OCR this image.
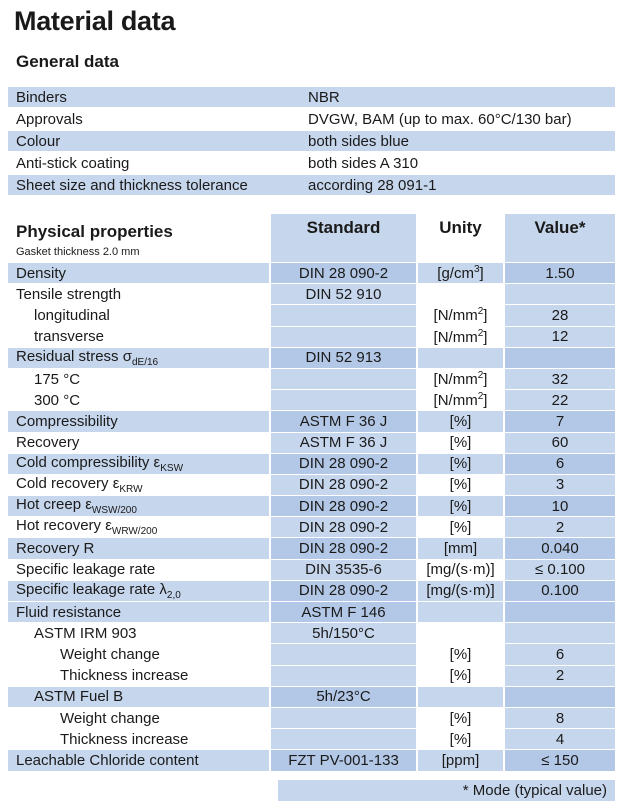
Material data
General data
Binders	NBR
Approvals	DVGW, BAM (up to max. 60°C/130 bar)
Colour	both sides blue
Anti-stick coating	both sides A 310
Sheet size and thickness tolerance	according 28 091-1
Physical properties
Gasket thickness 2.0 mm	Standard	Unity	Value*
Density	DIN 28 090-2	$[g/cm^3]$	1.50
Tensile strength	DIN 52 910		
longitudinal		$[N/mm^2]$	28
transverse		$[N/mm^2]$	12
Residual stress $\sigma_{dE/16}$	DIN 52 913		
175 °C		$[N/mm^2]$	32
300 °C		$[N/mm^2]$	22
Compressibility	ASTM F 36 J	[%]	7
Recovery	ASTM F 36 J	[%]	60
Cold compressibility $\varepsilon_{KSW}$	DIN 28 090-2	[%]	6
Cold recovery $\varepsilon_{KRW}$	DIN 28 090-2	[%]	3
Hot creep $\varepsilon_{WSW/200}$	DIN 28 090-2	[%]	10
Hot recovery $\varepsilon_{WRW/200}$	DIN 28 090-2	[%]	2
Recovery R	DIN 28 090-2	[mm]	0.040
Specific leakage rate	DIN 3535-6	[mg/(s·m)]	≤ 0.100
Specific leakage rate $\lambda_{2,0}$	DIN 28 090-2	[mg/(s·m)]	0.100
Fluid resistance	ASTM F 146		
ASTM IRM 903	5h/150°C		
Weight change		[%]	6
Thickness increase		[%]	2
ASTM Fuel B	5h/23°C		
Weight change		[%]	8
Thickness increase		[%]	4
Leachable Chloride content	FZT PV-001-133	[ppm]	≤ 150
* Mode (typical value)
